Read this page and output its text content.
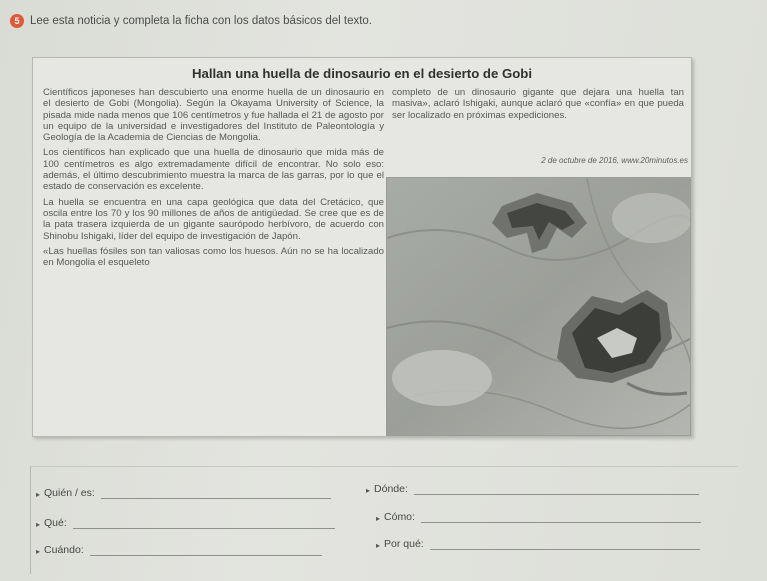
5 Lee esta noticia y completa la ficha con los datos básicos del texto.
Hallan una huella de dinosaurio en el desierto de Gobi

Científicos japoneses han descubierto una enorme huella de un dinosaurio en el desierto de Gobi (Mongolia). Según la Okayama University of Science, la pisada mide nada menos que 106 centímetros y fue hallada el 21 de agosto por un equipo de la universidad e investigadores del Instituto de Paleontología y Geología de la Academia de Ciencias de Mongolia.

Los científicos han explicado que una huella de dinosaurio que mida más de 100 centímetros es algo extremadamente difícil de encontrar. No solo eso: además, el último descubrimiento muestra la marca de las garras, por lo que el estado de conservación es excelente.

La huella se encuentra en una capa geológica que data del Cretácico, que oscila entre los 70 y los 90 millones de años de antigüedad. Se cree que es de la pata trasera izquierda de un gigante saurópodo herbívoro, de acuerdo con Shinobu Ishigaki, líder del equipo de investigación de Japón.

«Las huellas fósiles son tan valiosas como los huesos. Aún no se ha localizado en Mongolia el esqueleto

completo de un dinosaurio gigante que dejara una huella tan masiva», aclaró Ishigaki, aunque aclaró que «confía» en que pueda ser localizado en próximas expediciones.

2 de octubre de 2016, www.20minutos.es
▸ Quién / es:
▸ Qué:
▸ Cuándo:
▸ Dónde:
▸ Cómo:
▸ Por qué:
